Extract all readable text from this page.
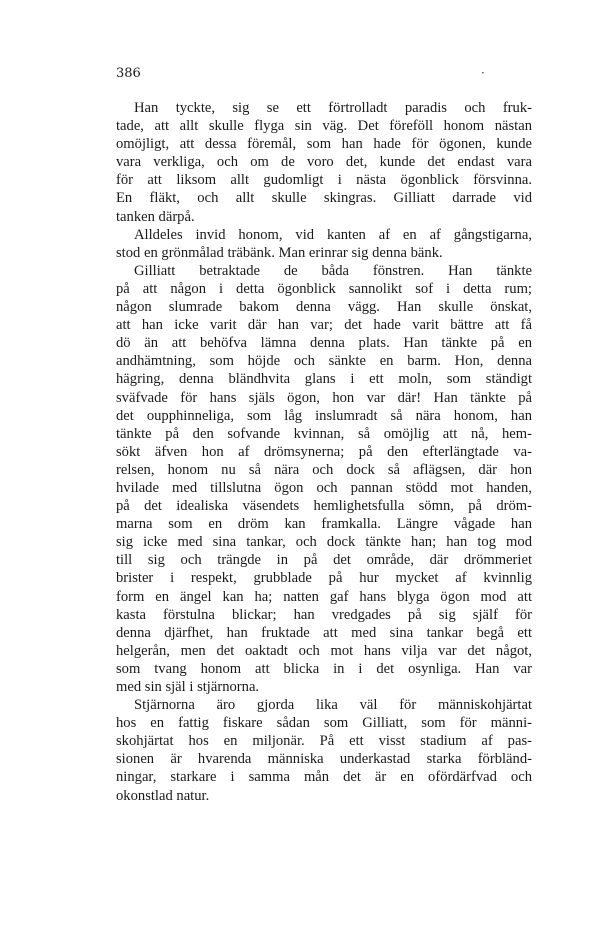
386	·
Han tyckte, sig se ett förtrolladt paradis och fruk-
tade, att allt skulle flyga sin väg. Det föreföll honom nästan
omöjligt, att dessa föremål, som han hade för ögonen, kunde
vara verkliga, och om de voro det, kunde det endast vara
för att liksom allt gudomligt i nästa ögonblick försvinna.
En fläkt, och allt skulle skingras. Gilliatt darrade vid
tanken därpå.
Alldeles invid honom, vid kanten af en af gångstigarna,
stod en grönmålad träbänk. Man erinrar sig denna bänk.
Gilliatt betraktade de båda fönstren. Han tänkte
på att någon i detta ögonblick sannolikt sof i detta rum;
någon slumrade bakom denna vägg. Han skulle önskat,
att han icke varit där han var; det hade varit bättre att få
dö än att behöfva lämna denna plats. Han tänkte på en
andhämtning, som höjde och sänkte en barm. Hon, denna
hägring, denna bländhvita glans i ett moln, som ständigt
sväfvade för hans själs ögon, hon var där! Han tänkte på
det oupphinneliga, som låg inslumradt så nära honom, han
tänkte på den sofvande kvinnan, så omöjlig att nå, hem-
sökt äfven hon af drömsynerna; på den efterlängtade va-
relsen, honom nu så nära och dock så aflägsen, där hon
hvilade med tillslutna ögon och pannan stödd mot handen,
på det idealiska väsendets hemlighetsfulla sömn, på dröm-
marna som en dröm kan framkalla. Längre vågade han
sig icke med sina tankar, och dock tänkte han; han tog mod
till sig och trängde in på det område, där drömmeriet
brister i respekt, grubblade på hur mycket af kvinnlig
form en ängel kan ha; natten gaf hans blyga ögon mod att
kasta förstulna blickar; han vredgades på sig själf för
denna djärfhet, han fruktade att med sina tankar begå ett
helgerån, men det oaktadt och mot hans vilja var det något,
som tvang honom att blicka in i det osynliga. Han var
med sin själ i stjärnorna.
Stjärnorna äro gjorda lika väl för människohjärtat
hos en fattig fiskare sådan som Gilliatt, som för männi-
skohjärtat hos en miljonär. På ett visst stadium af pas-
sionen är hvarenda människa underkastad starka förbländ-
ningar, starkare i samma mån det är en ofördärfvad och
okonstlad natur.
